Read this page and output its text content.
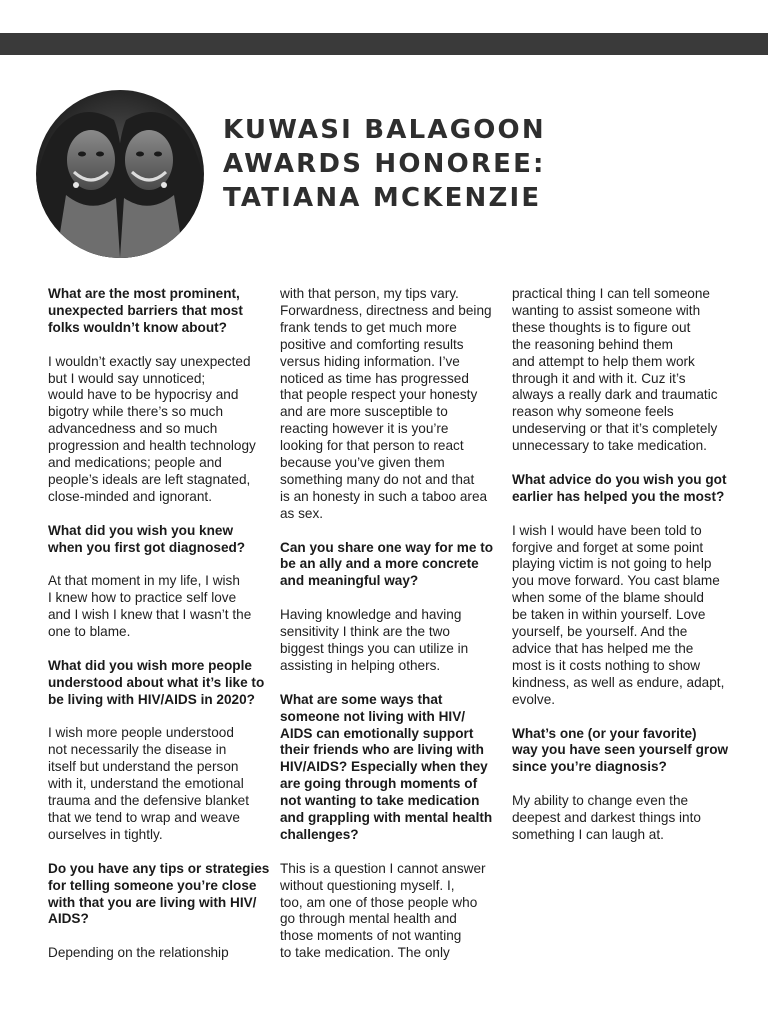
KUWASI BALAGOON
AWARDS HONOREE:
TATIANA MCKENZIE

What are the most prominent,
unexpected barriers that most
folks wouldn’t know about?

I wouldn’t exactly say unexpected
but I would say unnoticed;
would have to be hypocrisy and
bigotry while there’s so much
advancedness and so much
progression and health technology
and medications; people and
people’s ideals are left stagnated,
close-minded and ignorant.

What did you wish you knew
when you first got diagnosed?

At that moment in my life, I wish
I knew how to practice self love
and I wish I knew that I wasn’t the
one to blame.

What did you wish more people
understood about what it’s like to
be living with HIV/AIDS in 2020?

I wish more people understood
not necessarily the disease in
itself but understand the person
with it, understand the emotional
trauma and the defensive blanket
that we tend to wrap and weave
ourselves in tightly.

Do you have any tips or strategies
for telling someone you’re close
with that you are living with HIV/
AIDS?

Depending on the relationship

with that person, my tips vary.
Forwardness, directness and being
frank tends to get much more
positive and comforting results
versus hiding information. I’ve
noticed as time has progressed
that people respect your honesty
and are more susceptible to
reacting however it is you’re
looking for that person to react
because you’ve given them
something many do not and that
is an honesty in such a taboo area
as sex.

Can you share one way for me to
be an ally and a more concrete
and meaningful way?

Having knowledge and having
sensitivity I think are the two
biggest things you can utilize in
assisting in helping others.

What are some ways that
someone not living with HIV/
AIDS can emotionally support
their friends who are living with
HIV/AIDS? Especially when they
are going through moments of
not wanting to take medication
and grappling with mental health
challenges?

This is a question I cannot answer
without questioning myself. I,
too, am one of those people who
go through mental health and
those moments of not wanting
to take medication. The only

practical thing I can tell someone
wanting to assist someone with
these thoughts is to figure out
the reasoning behind them
and attempt to help them work
through it and with it. Cuz it’s
always a really dark and traumatic
reason why someone feels
undeserving or that it’s completely
unnecessary to take medication.

What advice do you wish you got
earlier has helped you the most?

I wish I would have been told to
forgive and forget at some point
playing victim is not going to help
you move forward. You cast blame
when some of the blame should
be taken in within yourself. Love
yourself, be yourself. And the
advice that has helped me the
most is it costs nothing to show
kindness, as well as endure, adapt,
evolve.

What’s one (or your favorite)
way you have seen yourself grow
since you’re diagnosis?

My ability to change even the
deepest and darkest things into
something I can laugh at.
